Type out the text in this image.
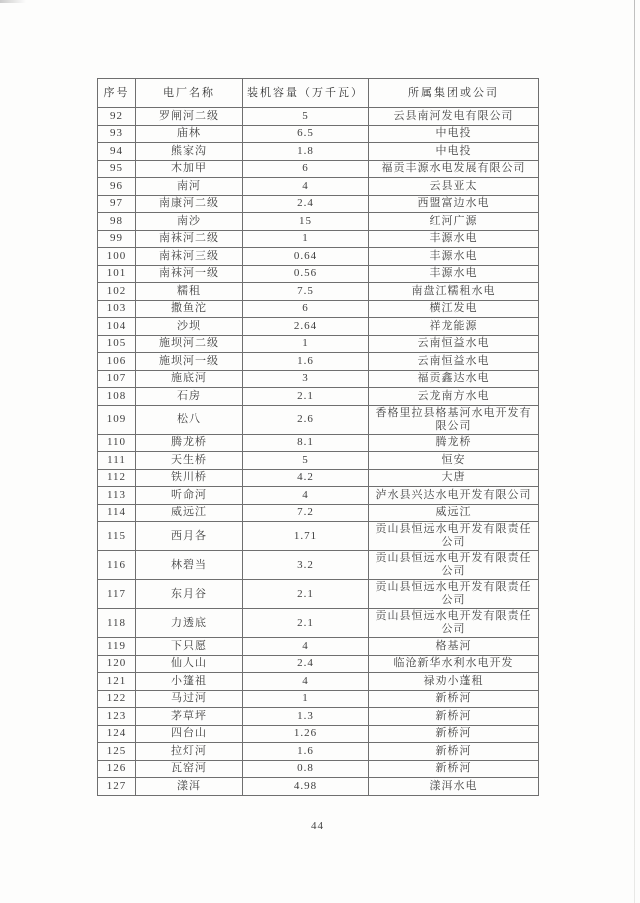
序号	电厂名称	装机容量（万千瓦）	所属集团或公司
92	罗闸河二级	5	云县南河发电有限公司
93	庙林	6.5	中电投
94	熊家沟	1.8	中电投
95	木加甲	6	福贡丰源水电发展有限公司
96	南河	4	云县亚太
97	南康河二级	2.4	西盟富边水电
98	南沙	15	红河广源
99	南袜河二级	1	丰源水电
100	南袜河三级	0.64	丰源水电
101	南袜河一级	0.56	丰源水电
102	糯租	7.5	南盘江糯租水电
103	撒鱼沱	6	横江发电
104	沙坝	2.64	祥龙能源
105	施坝河二级	1	云南恒益水电
106	施坝河一级	1.6	云南恒益水电
107	施底河	3	福贡鑫达水电
108	石房	2.1	云龙南方水电
109	松八	2.6	香格里拉县格基河水电开发有限公司
110	腾龙桥	8.1	腾龙桥
111	天生桥	5	恒安
112	铁川桥	4.2	大唐
113	听命河	4	泸水县兴达水电开发有限公司
114	威远江	7.2	威远江
115	西月各	1.71	贡山县恒远水电开发有限责任公司
116	林碧当	3.2	贡山县恒远水电开发有限责任公司
117	东月谷	2.1	贡山县恒远水电开发有限责任公司
118	力透底	2.1	贡山县恒远水电开发有限责任公司
119	下只愿	4	格基河
120	仙人山	2.4	临沧新华水利水电开发
121	小篷祖	4	禄劝小蓬租
122	马过河	1	新桥河
123	茅草坪	1.3	新桥河
124	四台山	1.26	新桥河
125	拉灯河	1.6	新桥河
126	瓦窑河	0.8	新桥河
127	漾洱	4.98	漾洱水电
44
